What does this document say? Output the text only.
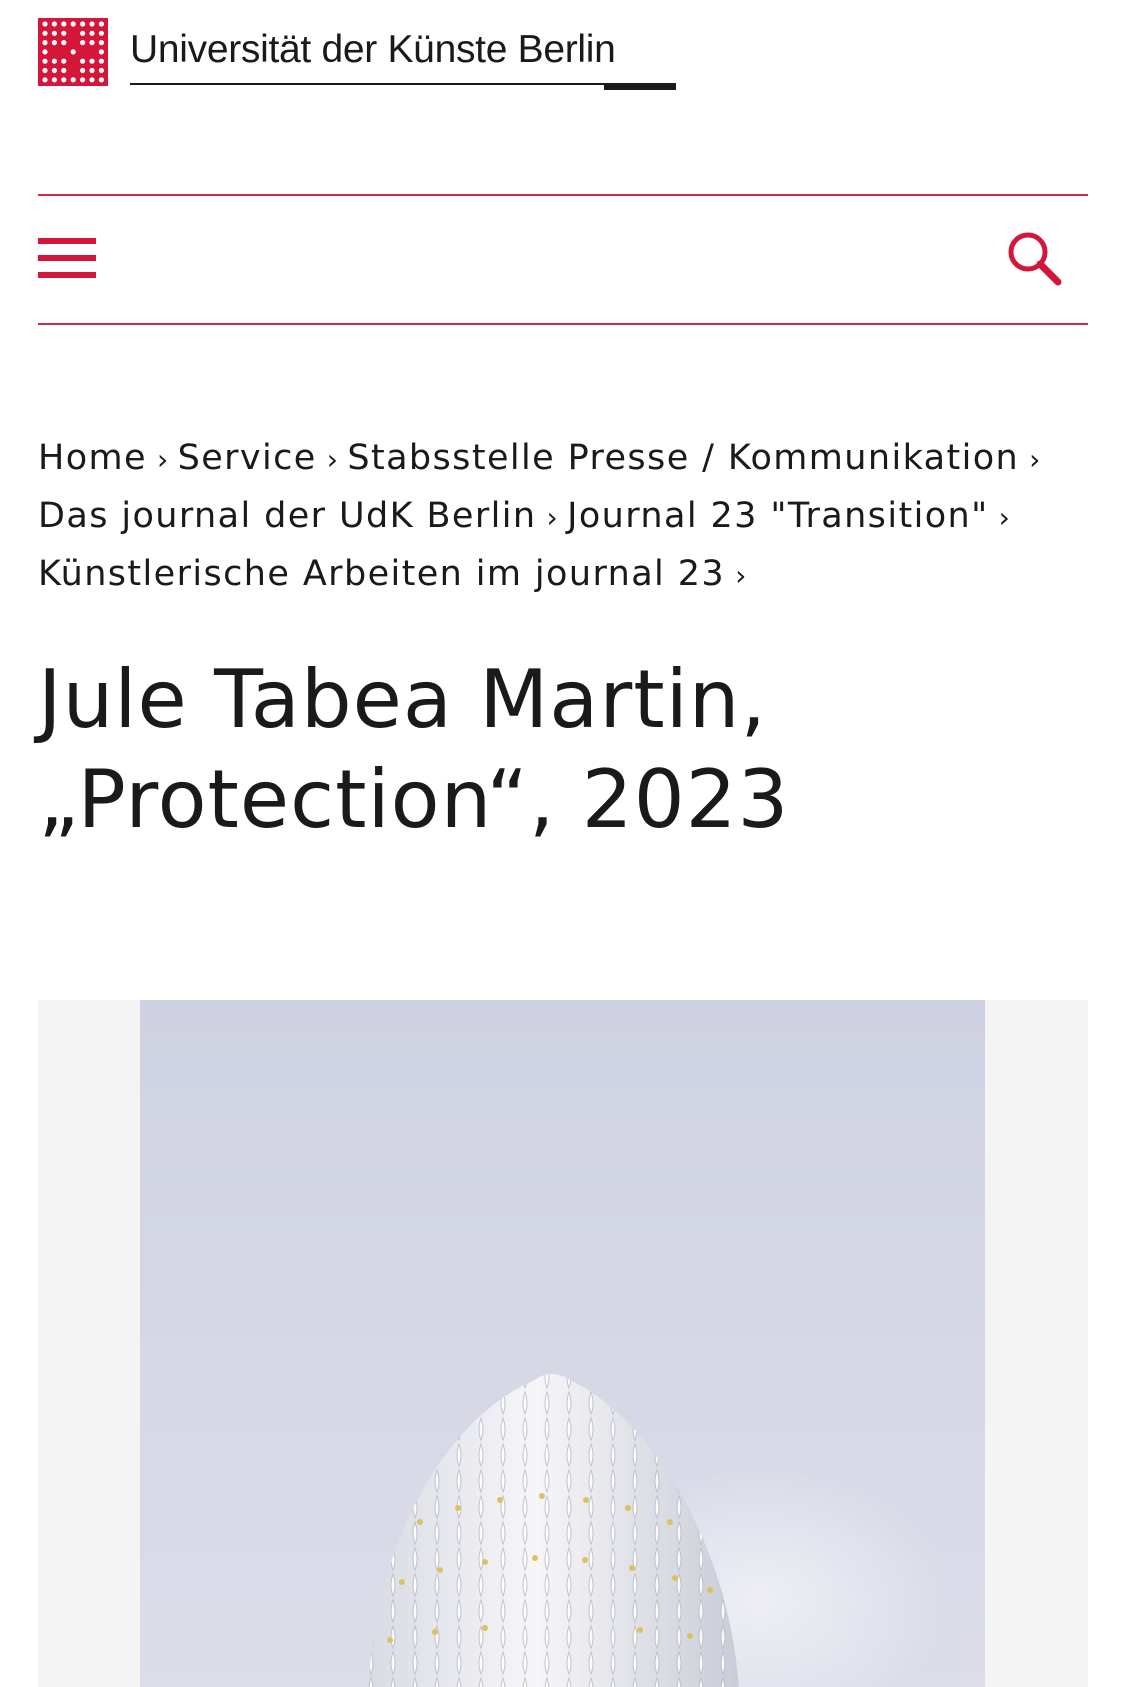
Universität der Künste Berlin
Home › Service › Stabsstelle Presse / Kommunikation ›
Das journal der UdK Berlin › Journal 23 "Transition" ›
Künstlerische Arbeiten im journal 23 ›
Jule Tabea Martin,
„Protection“, 2023
